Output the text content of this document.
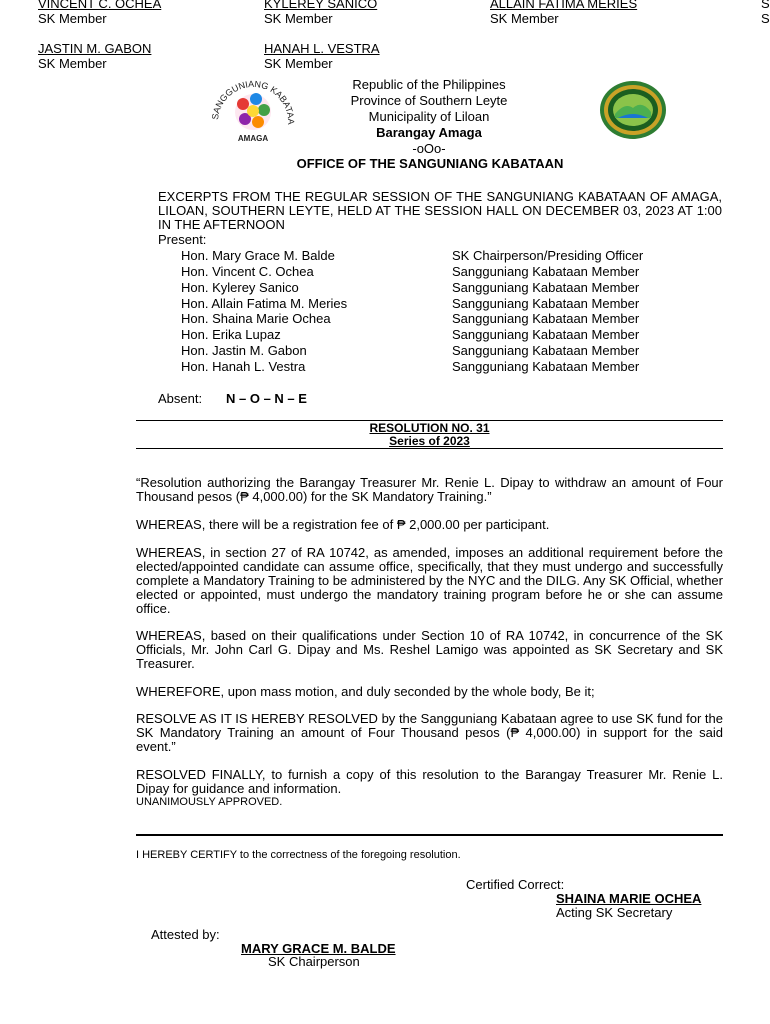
VINCENT C. OCHEA
SK Member
KYLEREY SANICO
SK Member
ALLAIN FATIMA MERIES
SK Member
S
S
JASTIN M. GABON
SK Member
HANAH L. VESTRA
SK Member
SANGGUNIANG KABATAA
AMAGA
Republic of the Philippines
Province of Southern Leyte
Municipality of Liloan
Barangay Amaga
-oOo-
OFFICE OF THE SANGUNIANG KABATAAN
EXCERPTS FROM THE REGULAR SESSION OF THE SANGUNIANG KABATAAN OF AMAGA, LILOAN, SOUTHERN LEYTE, HELD AT THE SESSION HALL ON DECEMBER 03, 2023 AT 1:00 IN THE AFTERNOON
Present:
Hon. Mary Grace M. Balde	SK Chairperson/Presiding Officer
Hon. Vincent C. Ochea	Sangguniang Kabataan Member
Hon. Kylerey Sanico	Sangguniang Kabataan Member
Hon. Allain Fatima M. Meries	Sangguniang Kabataan Member
Hon. Shaina Marie Ochea	Sangguniang Kabataan Member
Hon. Erika Lupaz	Sangguniang Kabataan Member
Hon. Jastin M. Gabon	Sangguniang Kabataan Member
Hon. Hanah L. Vestra	Sangguniang Kabataan Member
Absent: N – O – N – E
RESOLUTION NO. 31
Series of 2023
“Resolution authorizing the Barangay Treasurer Mr. Renie L. Dipay to withdraw an amount of Four Thousand pesos (₱ 4,000.00) for the SK Mandatory Training.”
WHEREAS, there will be a registration fee of ₱ 2,000.00 per participant.
WHEREAS, in section 27 of RA 10742, as amended, imposes an additional requirement before the elected/appointed candidate can assume office, specifically, that they must undergo and successfully complete a Mandatory Training to be administered by the NYC and the DILG. Any SK Official, whether elected or appointed, must undergo the mandatory training program before he or she can assume office.
WHEREAS, based on their qualifications under Section 10 of RA 10742, in concurrence of the SK Officials, Mr. John Carl G. Dipay and Ms. Reshel Lamigo was appointed as SK Secretary and SK Treasurer.
WHEREFORE, upon mass motion, and duly seconded by the whole body, Be it;
RESOLVE AS IT IS HEREBY RESOLVED by the Sangguniang Kabataan agree to use SK fund for the SK Mandatory Training an amount of Four Thousand pesos (₱ 4,000.00) in support for the said event.”
RESOLVED FINALLY, to furnish a copy of this resolution to the Barangay Treasurer Mr. Renie L. Dipay for guidance and information.
UNANIMOUSLY APPROVED.
I HEREBY CERTIFY to the correctness of the foregoing resolution.
Certified Correct:
SHAINA MARIE OCHEA
Acting SK Secretary
Attested by:
MARY GRACE M. BALDE
SK Chairperson
